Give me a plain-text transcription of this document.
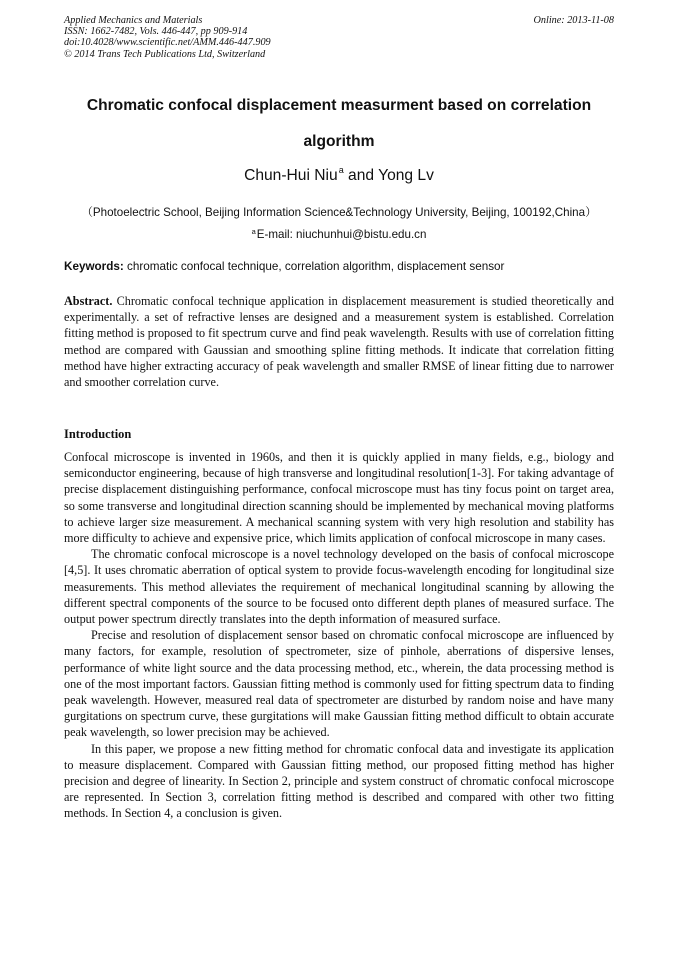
Applied Mechanics and Materials
ISSN: 1662-7482, Vols. 446-447, pp 909-914
doi:10.4028/www.scientific.net/AMM.446-447.909
© 2014 Trans Tech Publications Ltd, Switzerland
Online: 2013-11-08
Chromatic confocal displacement measurment based on correlation
algorithm
Chun-Hui Niu$^a$ and Yong Lv
（Photoelectric School, Beijing Information Science&Technology University, Beijing, 100192,China）
$^a$E-mail: niuchunhui@bistu.edu.cn
Keywords: chromatic confocal technique, correlation algorithm, displacement sensor
Abstract. Chromatic confocal technique application in displacement measurement is studied theoretically and experimentally. a set of refractive lenses are designed and a measurement system is established. Correlation fitting method is proposed to fit spectrum curve and find peak wavelength. Results with use of correlation fitting method are compared with Gaussian and smoothing spline fitting methods. It indicate that correlation fitting method have higher extracting accuracy of peak wavelength and smaller RMSE of linear fitting due to narrower and smoother correlation curve.
Introduction

Confocal microscope is invented in 1960s, and then it is quickly applied in many fields, e.g., biology and semiconductor engineering, because of high transverse and longitudinal resolution[1-3]. For taking advantage of precise displacement distinguishing performance, confocal microscope must has tiny focus point on target area, so some transverse and longitudinal direction scanning should be implemented by mechanical moving platforms to achieve larger size measurement. A mechanical scanning system with very high resolution and stability has more difficulty to achieve and expensive price, which limits application of confocal microscope in many cases.

The chromatic confocal microscope is a novel technology developed on the basis of confocal microscope [4,5]. It uses chromatic aberration of optical system to provide focus-wavelength encoding for longitudinal size measurements. This method alleviates the requirement of mechanical longitudinal scanning by allowing the different spectral components of the source to be focused onto different depth planes of measured surface. The output power spectrum directly translates into the depth information of measured surface.

Precise and resolution of displacement sensor based on chromatic confocal microscope are influenced by many factors, for example, resolution of spectrometer, size of pinhole, aberrations of dispersive lenses, performance of white light source and the data processing method, etc., wherein, the data processing method is one of the most important factors. Gaussian fitting method is commonly used for fitting spectrum data to finding peak wavelength. However, measured real data of spectrometer are disturbed by random noise and have many gurgitations on spectrum curve, these gurgitations will make Gaussian fitting method difficult to obtain accurate peak wavelength, so lower precision may be achieved.

In this paper, we propose a new fitting method for chromatic confocal data and investigate its application to measure displacement. Compared with Gaussian fitting method, our proposed fitting method has higher precision and degree of linearity. In Section 2, principle and system construct of chromatic confocal microscope are represented. In Section 3, correlation fitting method is described and compared with other two fitting methods. In Section 4, a conclusion is given.
